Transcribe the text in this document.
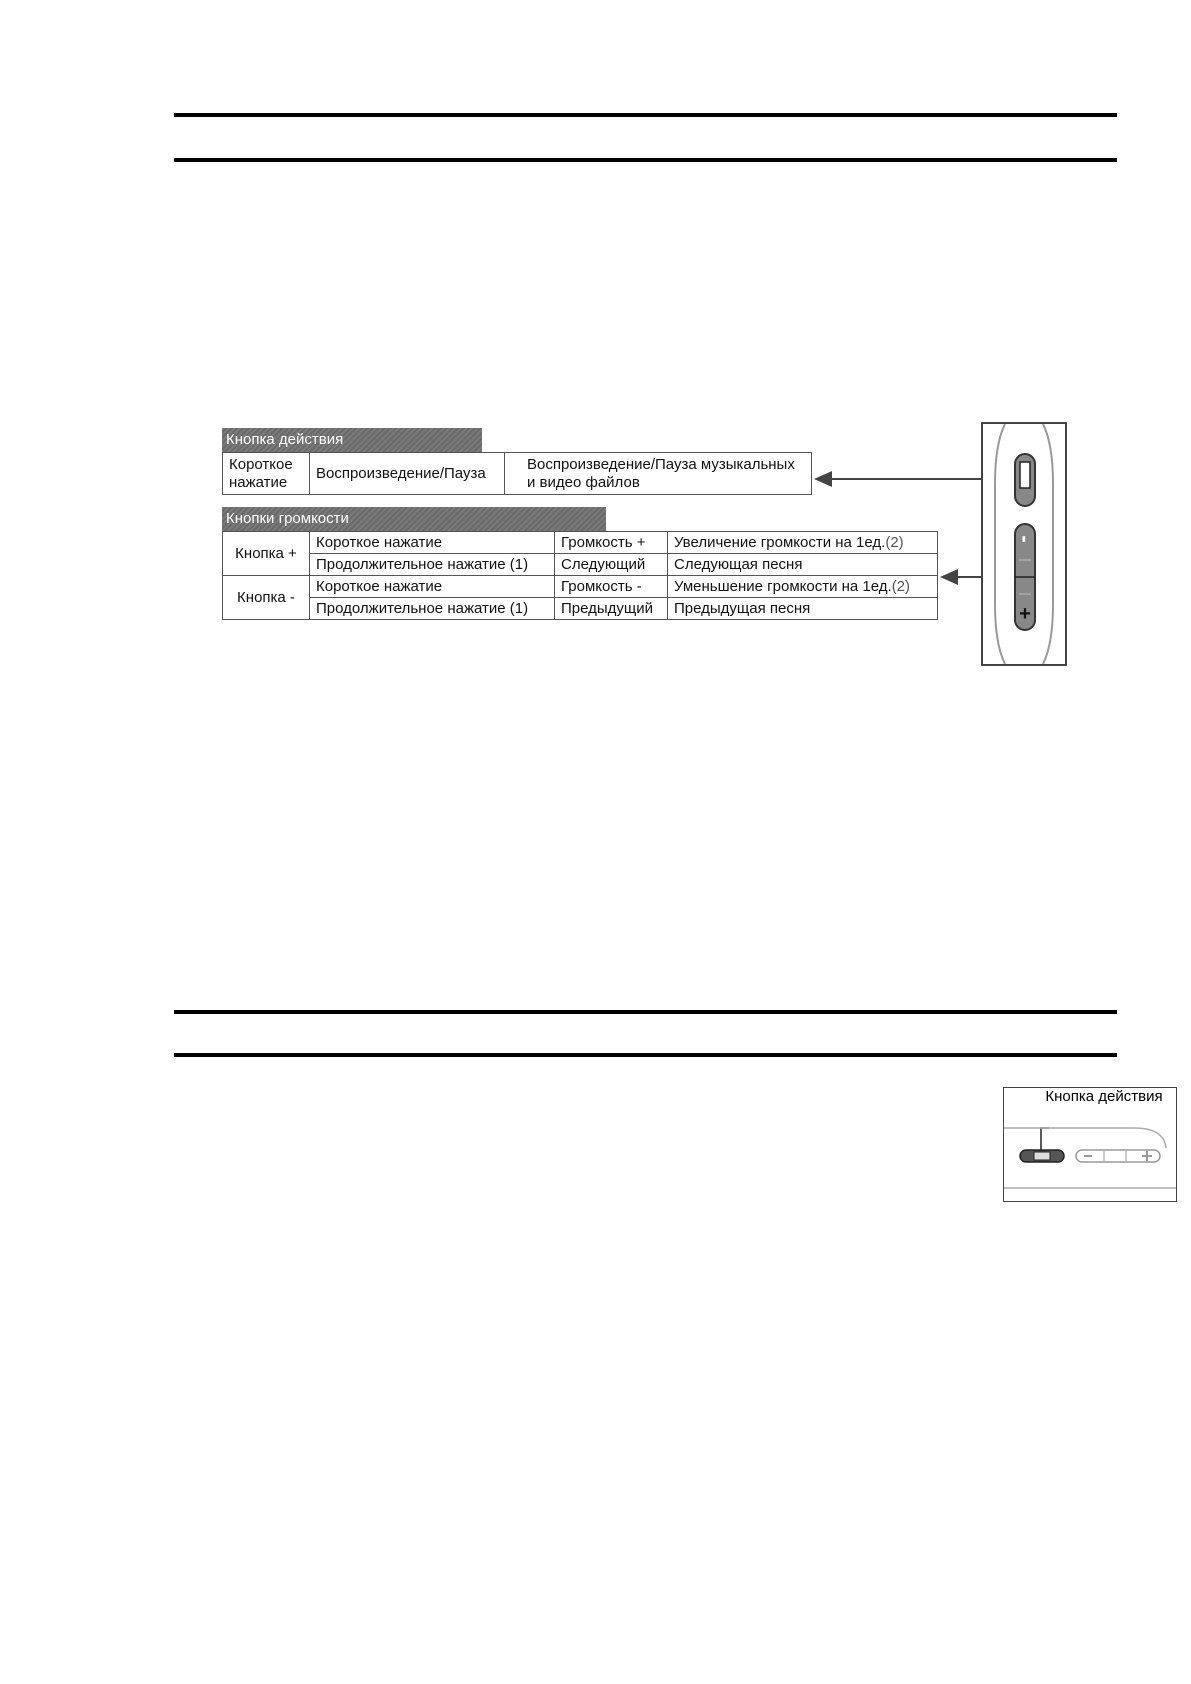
Кнопка действия
Короткое нажатие	Воспроизведение/Пауза	Воспроизведение/Пауза музыкальных и видео файлов
Кнопки громкости
Кнопка +	Короткое нажатие	Громкость +	Увеличение громкости на 1ед.(2)
	Продолжительное нажатие (1)	Следующий	Следующая песня
Кнопка -	Короткое нажатие	Громкость -	Уменьшение громкости на 1ед.(2)
	Продолжительное нажатие (1)	Предыдущий	Предыдущая песня
-
+
Кнопка действия
